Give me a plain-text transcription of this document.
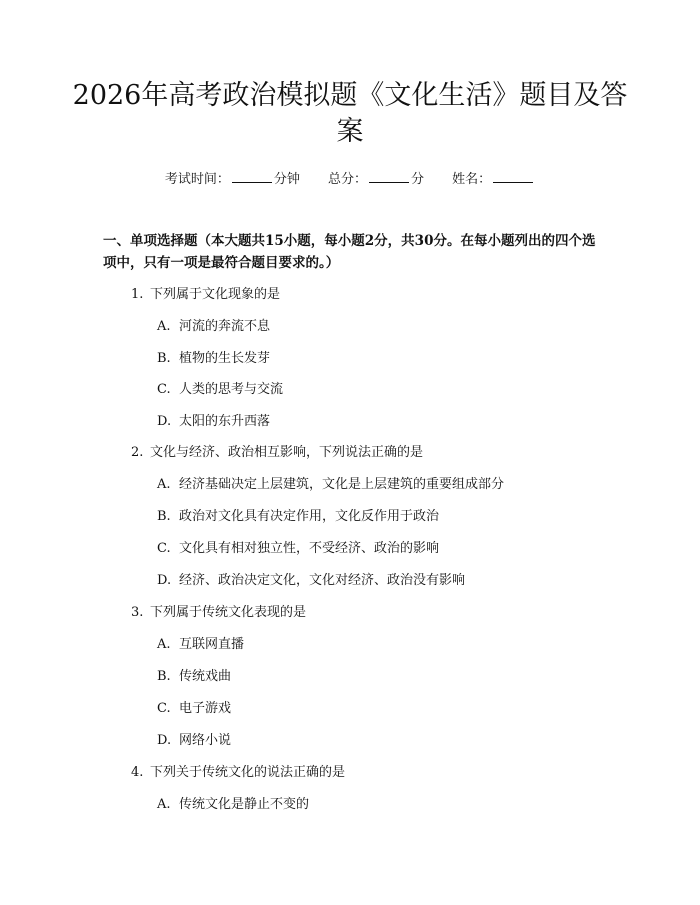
2026年高考政治模拟题《文化生活》题目及答案
考试时间：	分钟 总分：	分 姓名：

一、单项选择题（本大题共15小题，每小题2分，共30分。在每小题列出的四个选项中，只有一项是最符合题目要求的。）

1. 下列属于文化现象的是
A. 河流的奔流不息
B. 植物的生长发芽
C. 人类的思考与交流
D. 太阳的东升西落
2. 文化与经济、政治相互影响，下列说法正确的是
A. 经济基础决定上层建筑，文化是上层建筑的重要组成部分
B. 政治对文化具有决定作用，文化反作用于政治
C. 文化具有相对独立性，不受经济、政治的影响
D. 经济、政治决定文化，文化对经济、政治没有影响
3. 下列属于传统文化表现的是
A. 互联网直播
B. 传统戏曲
C. 电子游戏
D. 网络小说
4. 下列关于传统文化的说法正确的是
A. 传统文化是静止不变的
